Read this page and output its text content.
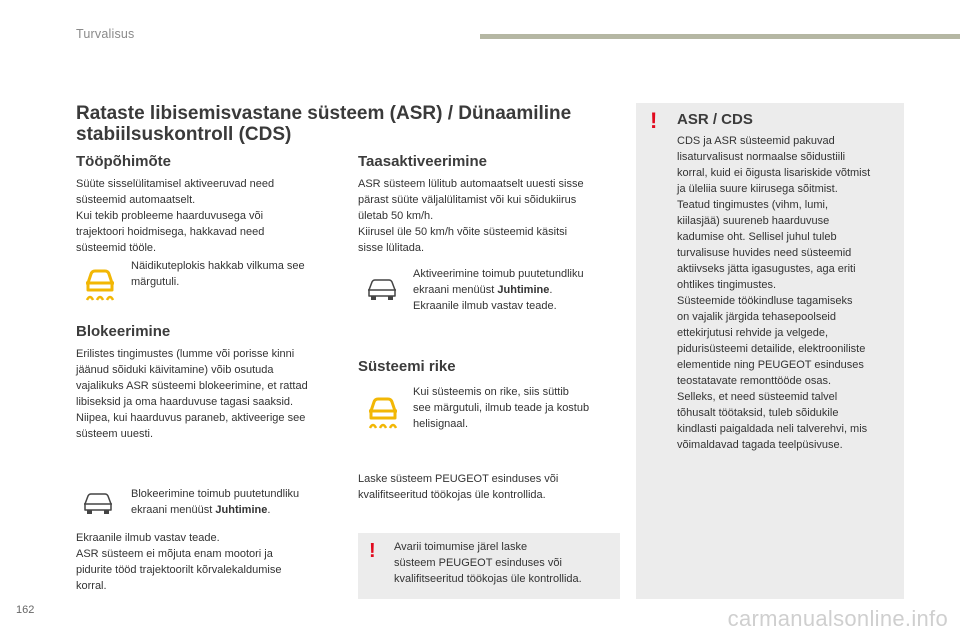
Turvalisus
Rataste libisemisvastane süsteem (ASR) / Dünaamiline stabiilsuskontroll (CDS)
Tööpõhimõte
Süüte sisselülitamisel aktiveeruvad need
süsteemid automaatselt.
Kui tekib probleeme haarduvusega või
trajektoori hoidmisega, hakkavad need
süsteemid tööle.
Näidikuteplokis hakkab vilkuma see
märgutuli.
Blokeerimine
Erilistes tingimustes (lumme või porisse kinni
jäänud sõiduki käivitamine) võib osutuda
vajalikuks ASR süsteemi blokeerimine, et rattad
libiseksid ja oma haarduvuse tagasi saaksid.
Niipea, kui haarduvus paraneb, aktiveerige see
süsteem uuesti.
Blokeerimine toimub puutetundliku
ekraani menüüst Juhtimine.
Ekraanile ilmub vastav teade.
ASR süsteem ei mõjuta enam mootori ja
pidurite tööd trajektoorilt kõrvalekaldumise
korral.
Taasaktiveerimine
ASR süsteem lülitub automaatselt uuesti sisse
pärast süüte väljalülitamist või kui sõidukiirus
ületab 50 km/h.
Kiirusel üle 50 km/h võite süsteemid käsitsi
sisse lülitada.
Aktiveerimine toimub puutetundliku
ekraani menüüst Juhtimine.
Ekraanile ilmub vastav teade.
Süsteemi rike
Kui süsteemis on rike, siis süttib
see märgutuli, ilmub teade ja kostub
helisignaal.
Laske süsteem PEUGEOT esinduses või
kvalifitseeritud töökojas üle kontrollida.
! Avarii toimumise järel laske
süsteem PEUGEOT esinduses või
kvalifitseeritud töökojas üle kontrollida.
! ASR / CDS
CDS ja ASR süsteemid pakuvad
lisaturvalisust normaalse sõidustiili
korral, kuid ei õigusta lisariskide võtmist
ja üleliia suure kiirusega sõitmist.
Teatud tingimustes (vihm, lumi,
kiilasjää) suureneb haarduvuse
kadumise oht. Sellisel juhul tuleb
turvalisuse huvides need süsteemid
aktiivseks jätta igasugustes, aga eriti
ohtlikes tingimustes.
Süsteemide töökindluse tagamiseks
on vajalik järgida tehasepoolseid
ettekirjutusi rehvide ja velgede,
pidurisüsteemi detailide, elektrooniliste
elementide ning PEUGEOT esinduses
teostatavate remonttööde osas.
Selleks, et need süsteemid talvel
tõhusalt töötaksid, tuleb sõidukile
kindlasti paigaldada neli talverehvi, mis
võimaldavad tagada teelpüsivuse.
162	carmanualsonline.info
